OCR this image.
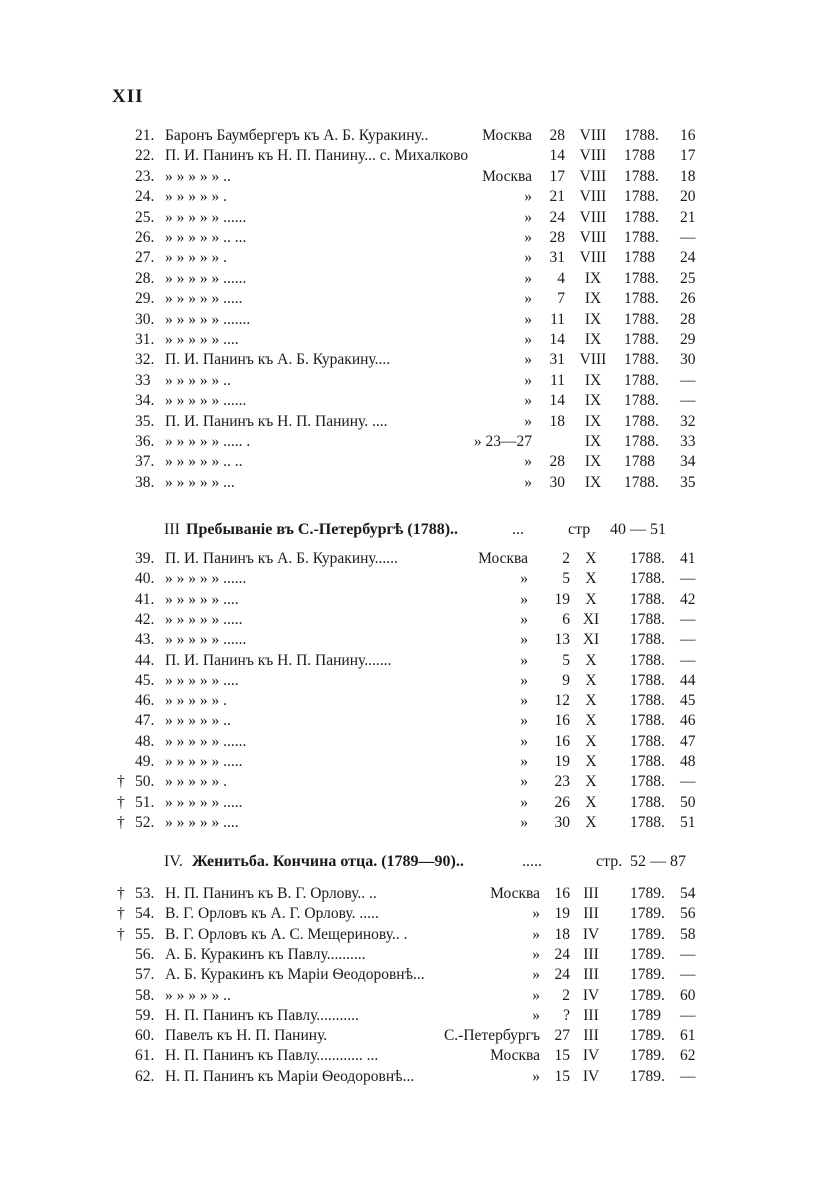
XII
21. Баронъ Баумбергеръ къ А. Б. Куракину..	Москва	28 VIII	1788. 16
22. П. И. Панинъ къ Н. П. Панину... с. Михалково	14 VIII	1788 17
23. » » » » » ..	Москва	17 VIII	1788. 18
24. » » » » » .	»	21 VIII	1788. 20
25. » » » » » ......	»	24 VIII	1788. 21
26. » » » » » .. ...	»	28 VIII	1788. —
27. » » » » » .	»	31 VIII	1788 24
28. » » » » » ......	»	4	IX	1788. 25
29. » » » » » .....	»	7	IX	1788. 26
30. » » » » » .......	»	11	IX	1788. 28
31. » » » » » ....	»	14	IX	1788. 29
32. П. И. Панинъ къ А. Б. Куракину....	»	31 VIII	1788. 30
33 » » » » » ..	»	11	IX	1788. —
34. » » » » » ......	»	14	IX	1788. —
35. П. И. Панинъ къ Н. П. Панину. ....	»	18	IX	1788. 32
36. » » » » » ..... .	» 23—27	IX	1788. 33
37. » » » » » .. ..	»	28	IX	1788 34
38. » » » » » ...	»	30	IX	1788. 35
III Пребываніе въ С.-Петербургѣ (1788)..	...	стр 40 — 51
39. П. И. Панинъ къ А. Б. Куракину......	Москва	2 X	1788. 41
40. » » » » » ......	»	5 X	1788. —
41. » » » » » ....	»	19 X	1788. 42
42. » » » » » .....	»	6 XI	1788. —
43. » » » » » ......	»	13 XI	1788. —
44. П. И. Панинъ къ Н. П. Панину.......	»	5 X	1788. —
45. » » » » » ....	»	9 X	1788. 44
46. » » » » » .	»	12 X	1788. 45
47. » » » » » ..	»	16 X	1788. 46
48. » » » » » ......	»	16 X	1788. 47
49. » » » » » .....	»	19 X	1788. 48
† 50. » » » » » .	»	23 X	1788. —
† 51. » » » » » .....	»	26 X	1788. 50
† 52. » » » » » ....	»	30 X	1788. 51
IV. Женитьба. Кончина отца. (1789—90)..	.....	стр. 52 — 87
† 53. Н. П. Панинъ къ В. Г. Орлову.. ..	Москва 16 III	1789. 54
† 54. В. Г. Орловъ къ А. Г. Орлову. .....	» 19 III	1789. 56
† 55. В. Г. Орловъ къ А. С. Мещеринову.. .	» 18 IV	1789. 58
56. А. Б. Куракинъ къ Павлу..........	» 24 III	1789. —
57. А. Б. Куракинъ къ Маріи Ѳеодоровнѣ...	» 24 III	1789. —
58. » » » » » ..	»	2 IV	1789. 60
59. Н. П. Панинъ къ Павлу...........	»	? III	1789 —
60. Павелъ къ Н. П. Панину.	С.-Петербургъ 27 III	1789. 61
61. Н. П. Панинъ къ Павлу............ ...	Москва 15 IV	1789. 62
62. Н. П. Панинъ къ Маріи Ѳеодоровнѣ...	» 15 IV	1789. —
